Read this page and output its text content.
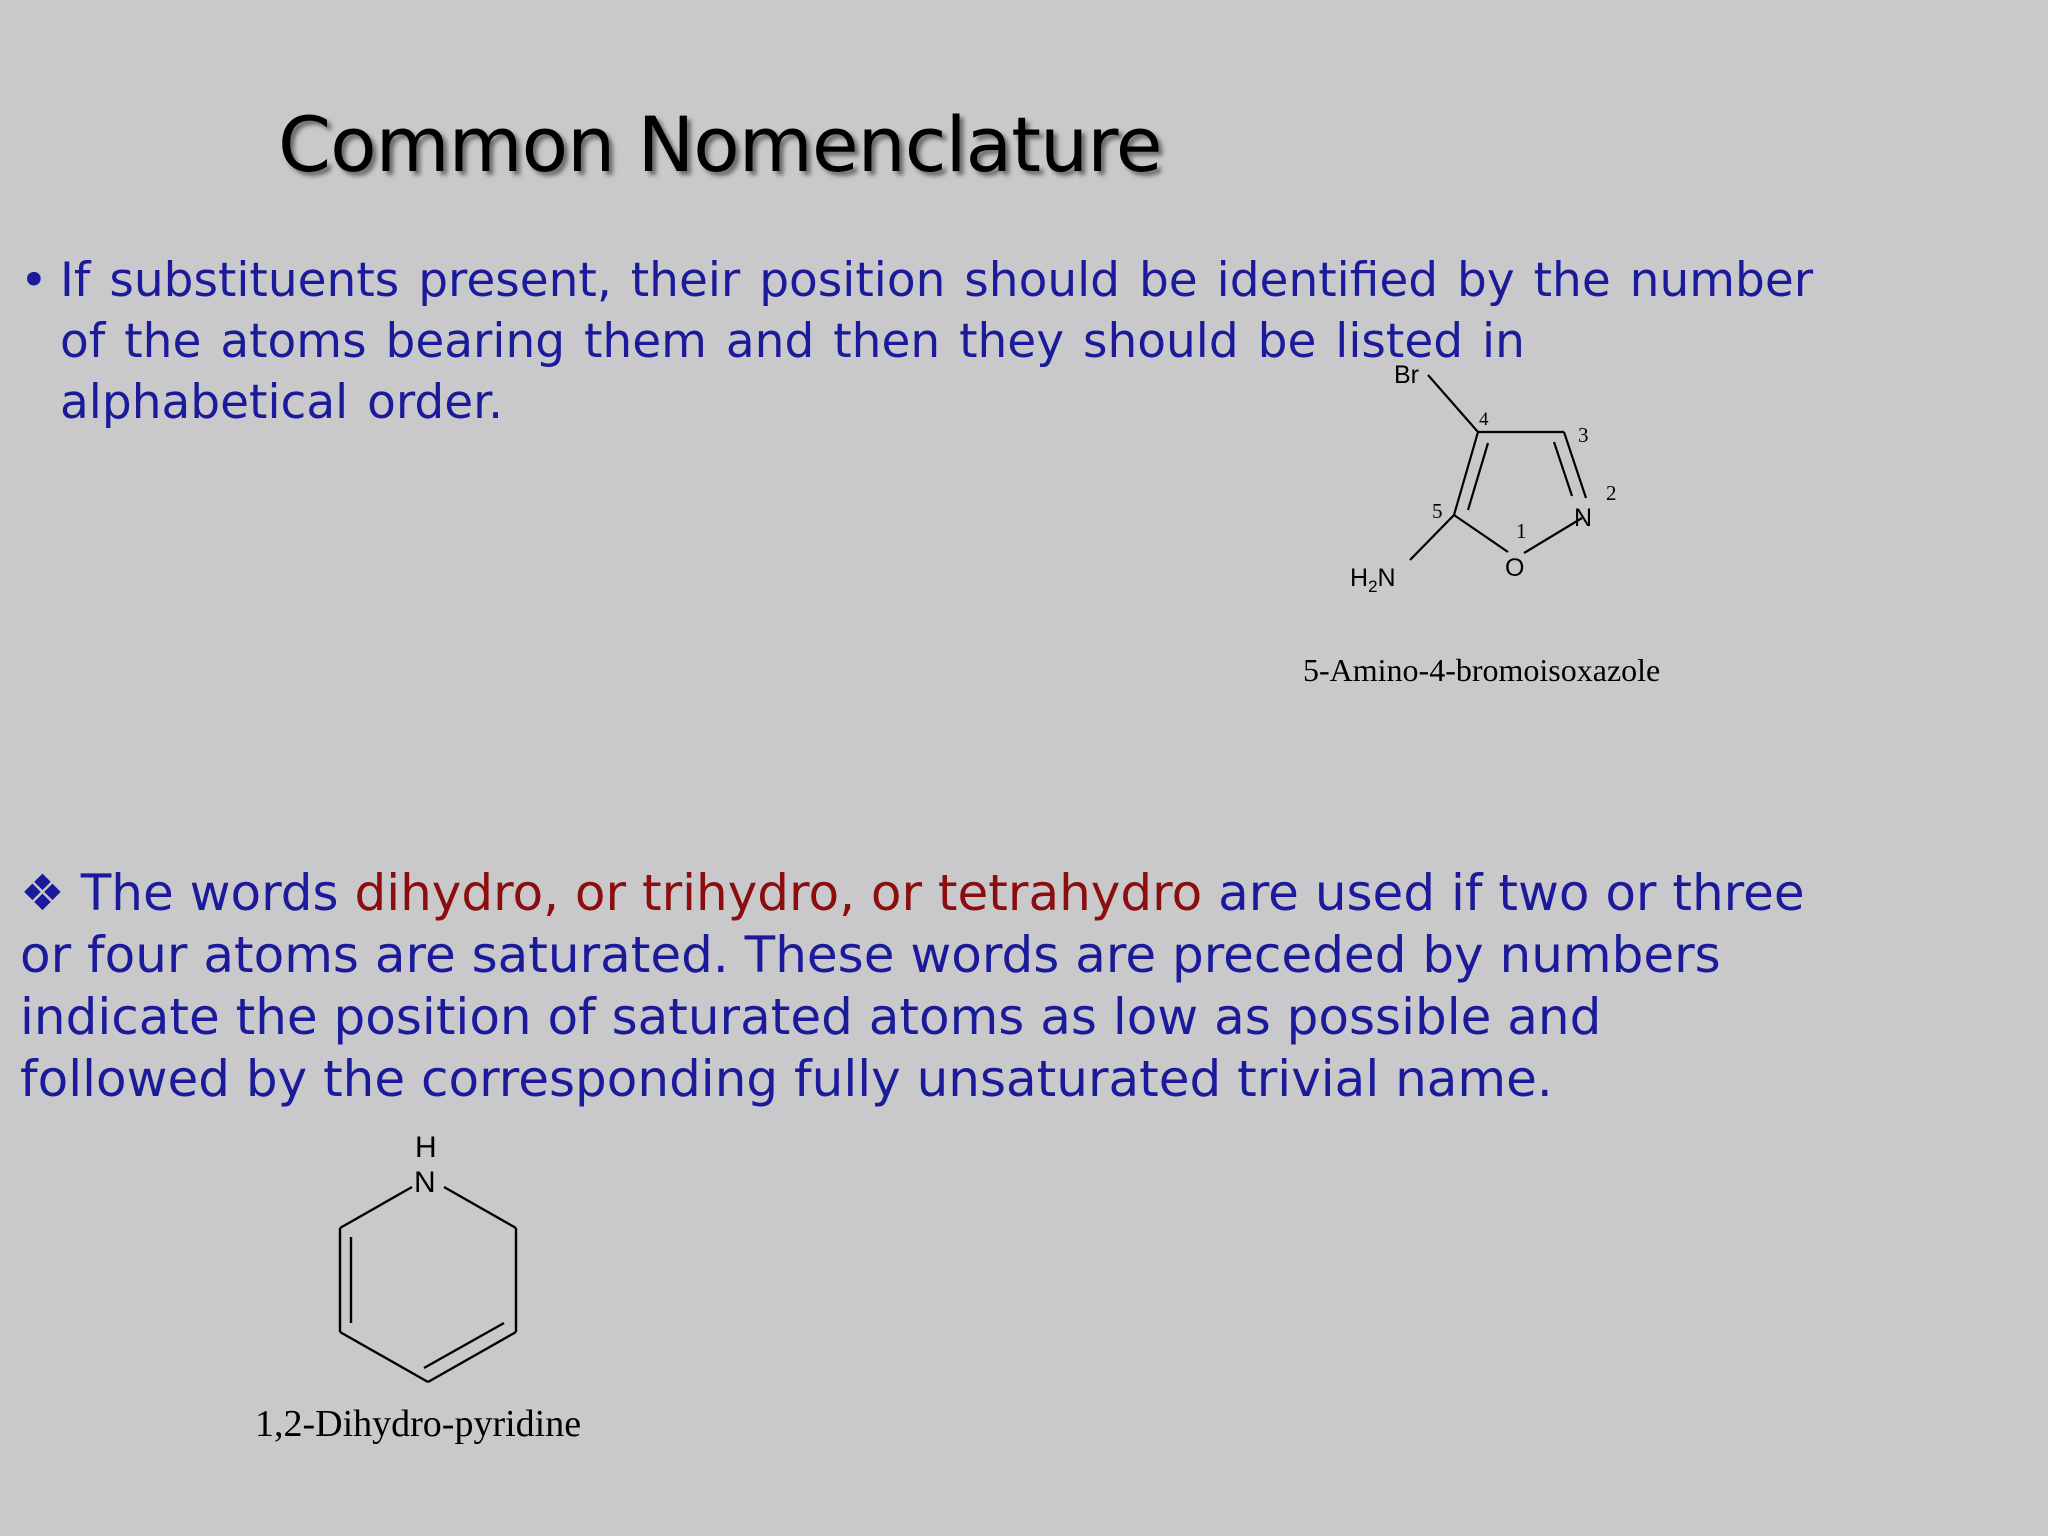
Common Nomenclature
• If substituents present, their position should be identified by the number of the atoms bearing them and then they should be listed in alphabetical order.	Br
N
O
$H_2N$
1
2
3
4
5
5-Amino-4-bromoisoxazole
❖ The words dihydro, or trihydro, or tetrahydro are used if two or three or four atoms are saturated. These words are preceded by numbers indicate the position of saturated atoms as low as possible and followed by the corresponding fully unsaturated trivial name.
H
N
1,2-Dihydro-pyridine
